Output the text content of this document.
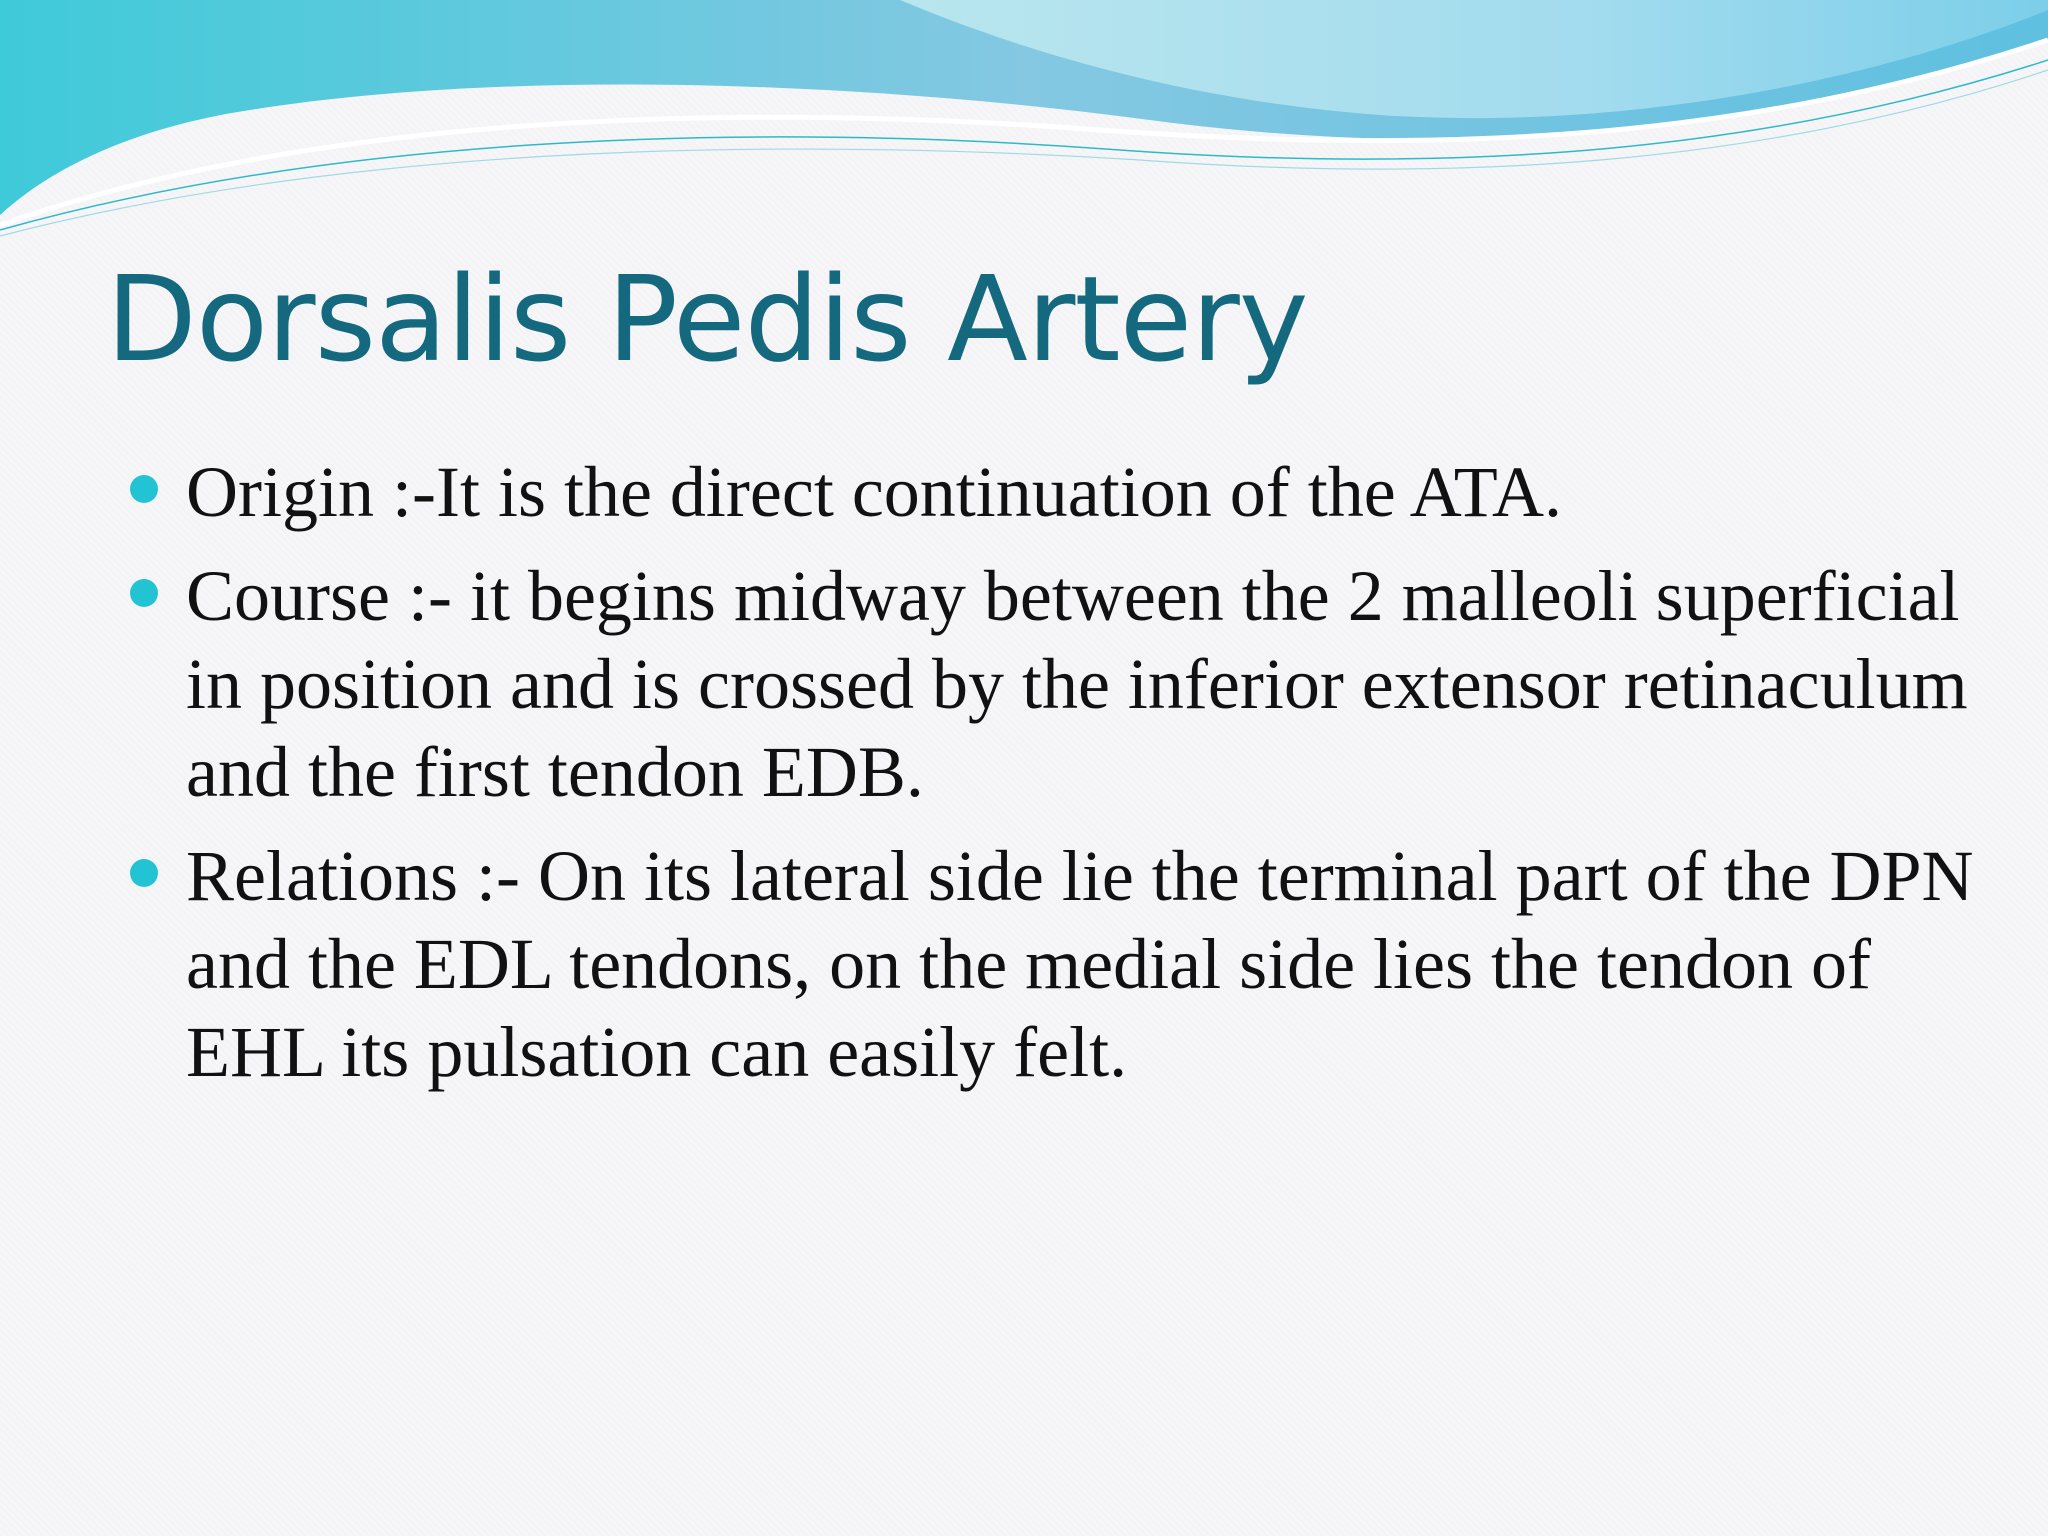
Dorsalis Pedis Artery
Origin :-It is the direct continuation of the ATA.
Course :- it begins midway between the 2 malleoli superficial in position and is crossed by the inferior extensor retinaculum and the first tendon EDB.
Relations :- On its lateral side lie the terminal part of the DPN and the EDL tendons, on the medial side lies the tendon of EHL its pulsation can easily felt.
